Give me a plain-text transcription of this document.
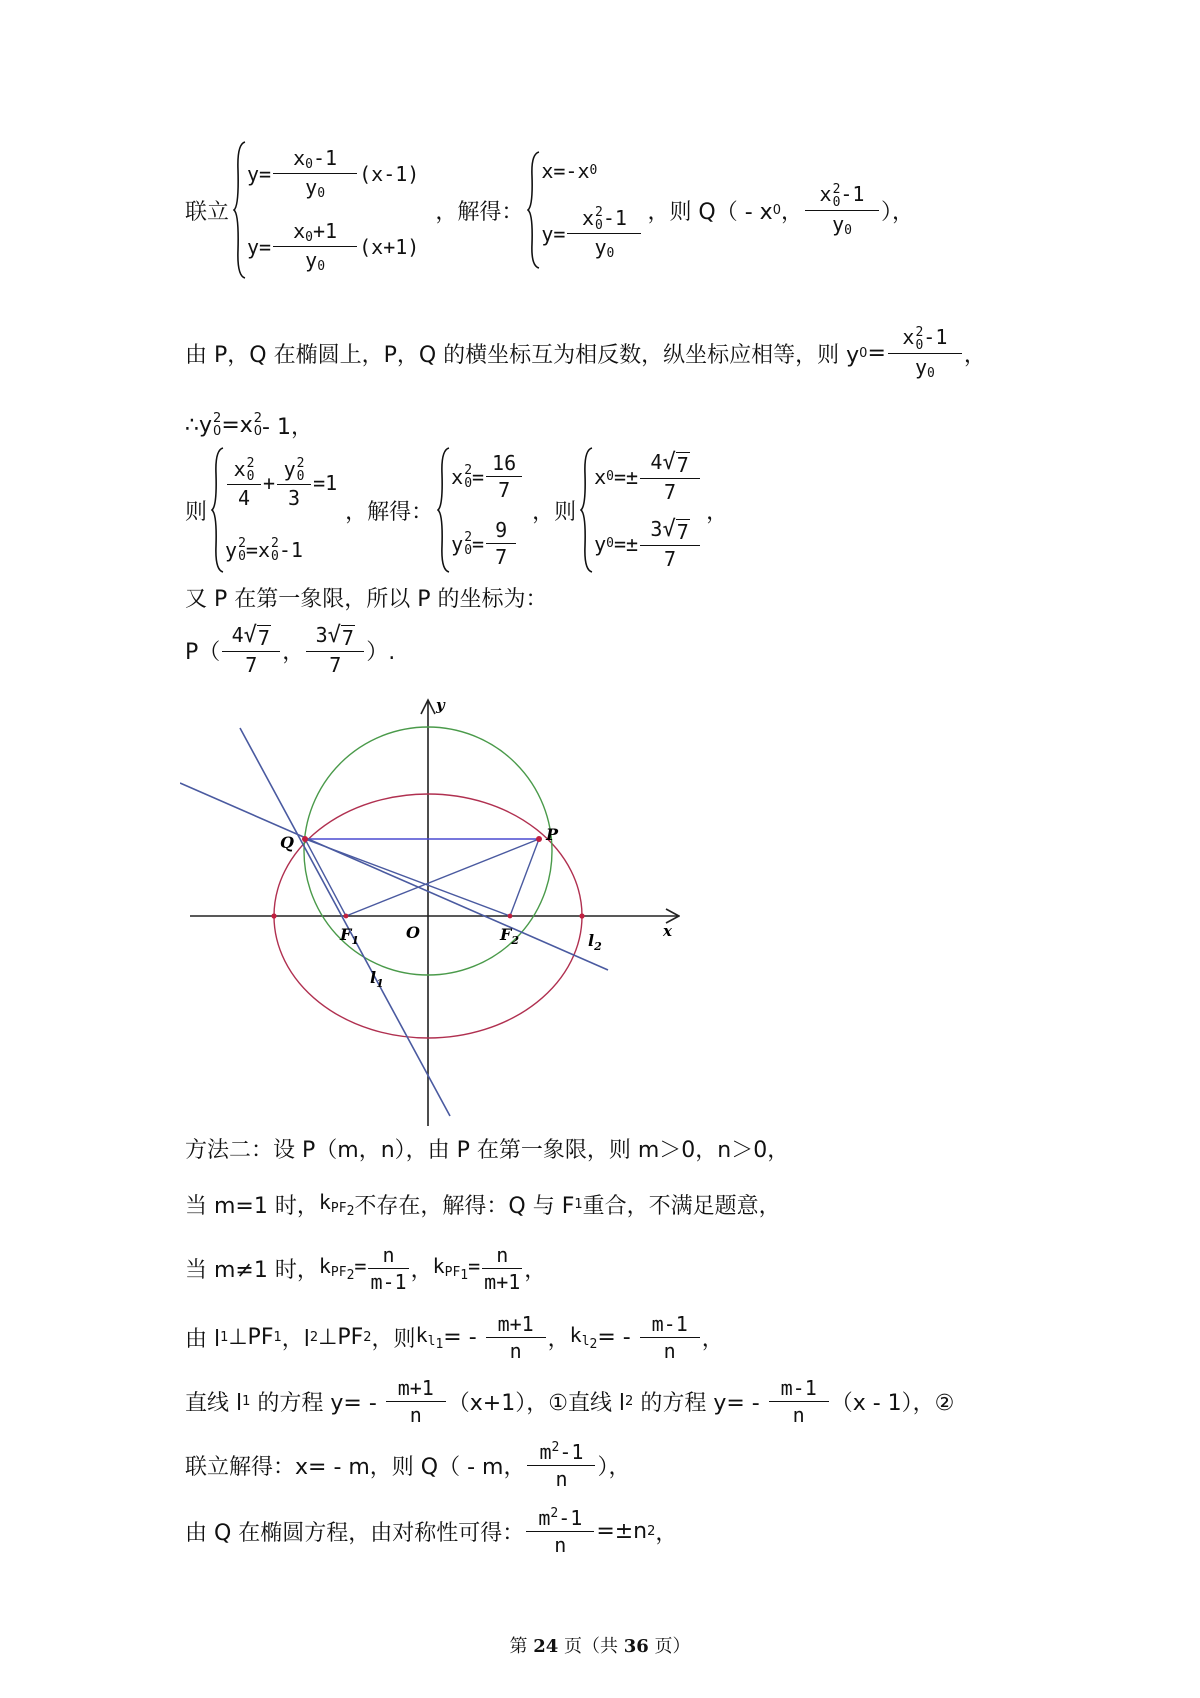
联立
$y= \frac{x_0-1}{y_0} (x-1)$
$y= \frac{x_0+1}{y_0} (x+1)$
，解得：
x=-x 0
y= x 2
0 -1
$y_0$ ，则 Q（ - x 0 ， x 2
0 -1
$y_0$ ），
由 P，Q 在椭圆上，P，Q 的横坐标互为相反数，纵坐标应相等，则 y 0 = x 2
0 -1
$y_0$ ，
∴y 0
2 =x 0
2 - 1，
则
x 2
0
4 + y 2
0
3 =1
y 2
0 = x 2
0 -1
，解得：
x 2
$0 = \frac{16}{7}$
y 2
$0 = \frac{9}{7}$
，则
x $0 =\pm \frac{4 √ 7}{7}$
y $0 =\pm \frac{3 √ 7}{7}$
，
又 P 在第一象限，所以 P 的坐标为：
$P( \frac{4 √ 7}{7}$ ， $\frac{3 √ 7}{7}$ ）.
y
x
Q	P
O
$F_1$	$F_2$
$l_1$
$l_2$
方法二：设 P（m，n），由 P 在第一象限，则 m＞0，n＞0，
当 m=1 时， $k_{PF_2}$ 不存在，解得：Q 与 F 1 重合，不满足题意，
当 m≠1 时， $k_{PF_2}= \frac{n}{m-1}$ ， $k_{PF_1}= \frac{n}{m+1}$ ，
由 l 1 ⊥PF 1 ，l 2 ⊥PF 2 ，则 $k_{l_1}$ = - $\frac{m+1}{n}$ ， $k_{l_2}$ = - $\frac{m-1}{n}$ ，
直线 l 1 的方程 $y= - \frac{m+1}{n} (x+1)$，①直线 l 2 的方程 $y= - \frac{m-1}{n} (x - 1)$，②
联立解得：x= - m，则 Q（ - m， $\frac{m^2-1}{n}$ ），
由 Q 在椭圆方程，由对称性可得： $\frac{m^2-1}{n} =\pm n$ 2 ，
第 24 页（共 36 页）
